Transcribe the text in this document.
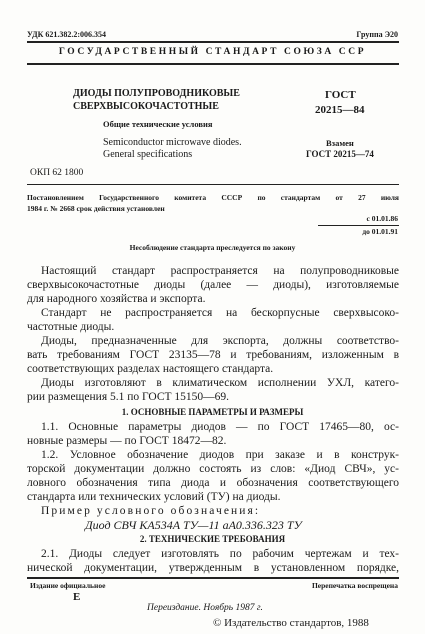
УДК 621.382.2:006.354	Группа Э20
ГОСУДАРСТВЕННЫЙ СТАНДАРТ СОЮЗА ССР
ДИОДЫ ПОЛУПРОВОДНИКОВЫЕ
СВЕРХВЫСОКОЧАСТОТНЫЕ
Общие технические условия
Semiconductor microwave diodes.
General specifications
ГОСТ
20215—84
Взамен
ГОСТ 20215—74
ОКП 62 1800
Постановлением Государственного комитета СССР по стандартам от 27 июля
1984 г. № 2668 срок действия установлен
с 01.01.86
до 01.01.91
Несоблюдение стандарта преследуется по закону
Настоящий стандарт распространяется на полупроводниковые
сверхвысокочастотные диоды (далее — диоды), изготовляемые
для народного хозяйства и экспорта.
Стандарт не распространяется на бескорпусные сверхвысоко-
частотные диоды.
Диоды, предназначенные для экспорта, должны соответство-
вать требованиям ГОСТ 23135—78 и требованиям, изложенным в
соответствующих разделах настоящего стандарта.
Диоды изготовляют в климатическом исполнении УХЛ, катего-
рии размещения 5.1 по ГОСТ 15150—69.
1. ОСНОВНЫЕ ПАРАМЕТРЫ И РАЗМЕРЫ
1.1. Основные параметры диодов — по ГОСТ 17465—80, ос-
новные размеры — по ГОСТ 18472—82.
1.2. Условное обозначение диодов при заказе и в конструк-
торской документации должно состоять из слов: «Диод СВЧ», ус-
ловного обозначения типа диода и обозначения соответствующего
стандарта или технических условий (ТУ) на диоды.
Пример условного обозначения:
Диод СВЧ КА534А ТУ—11 аА0.336.323 ТУ
2. ТЕХНИЧЕСКИЕ ТРЕБОВАНИЯ
2.1. Диоды следует изготовлять по рабочим чертежам и тех-
нической документации, утвержденным в установленном порядке,
Издание официальное	Перепечатка воспрещена
E
Переиздание. Ноябрь 1987 г.
© Издательство стандартов, 1988
